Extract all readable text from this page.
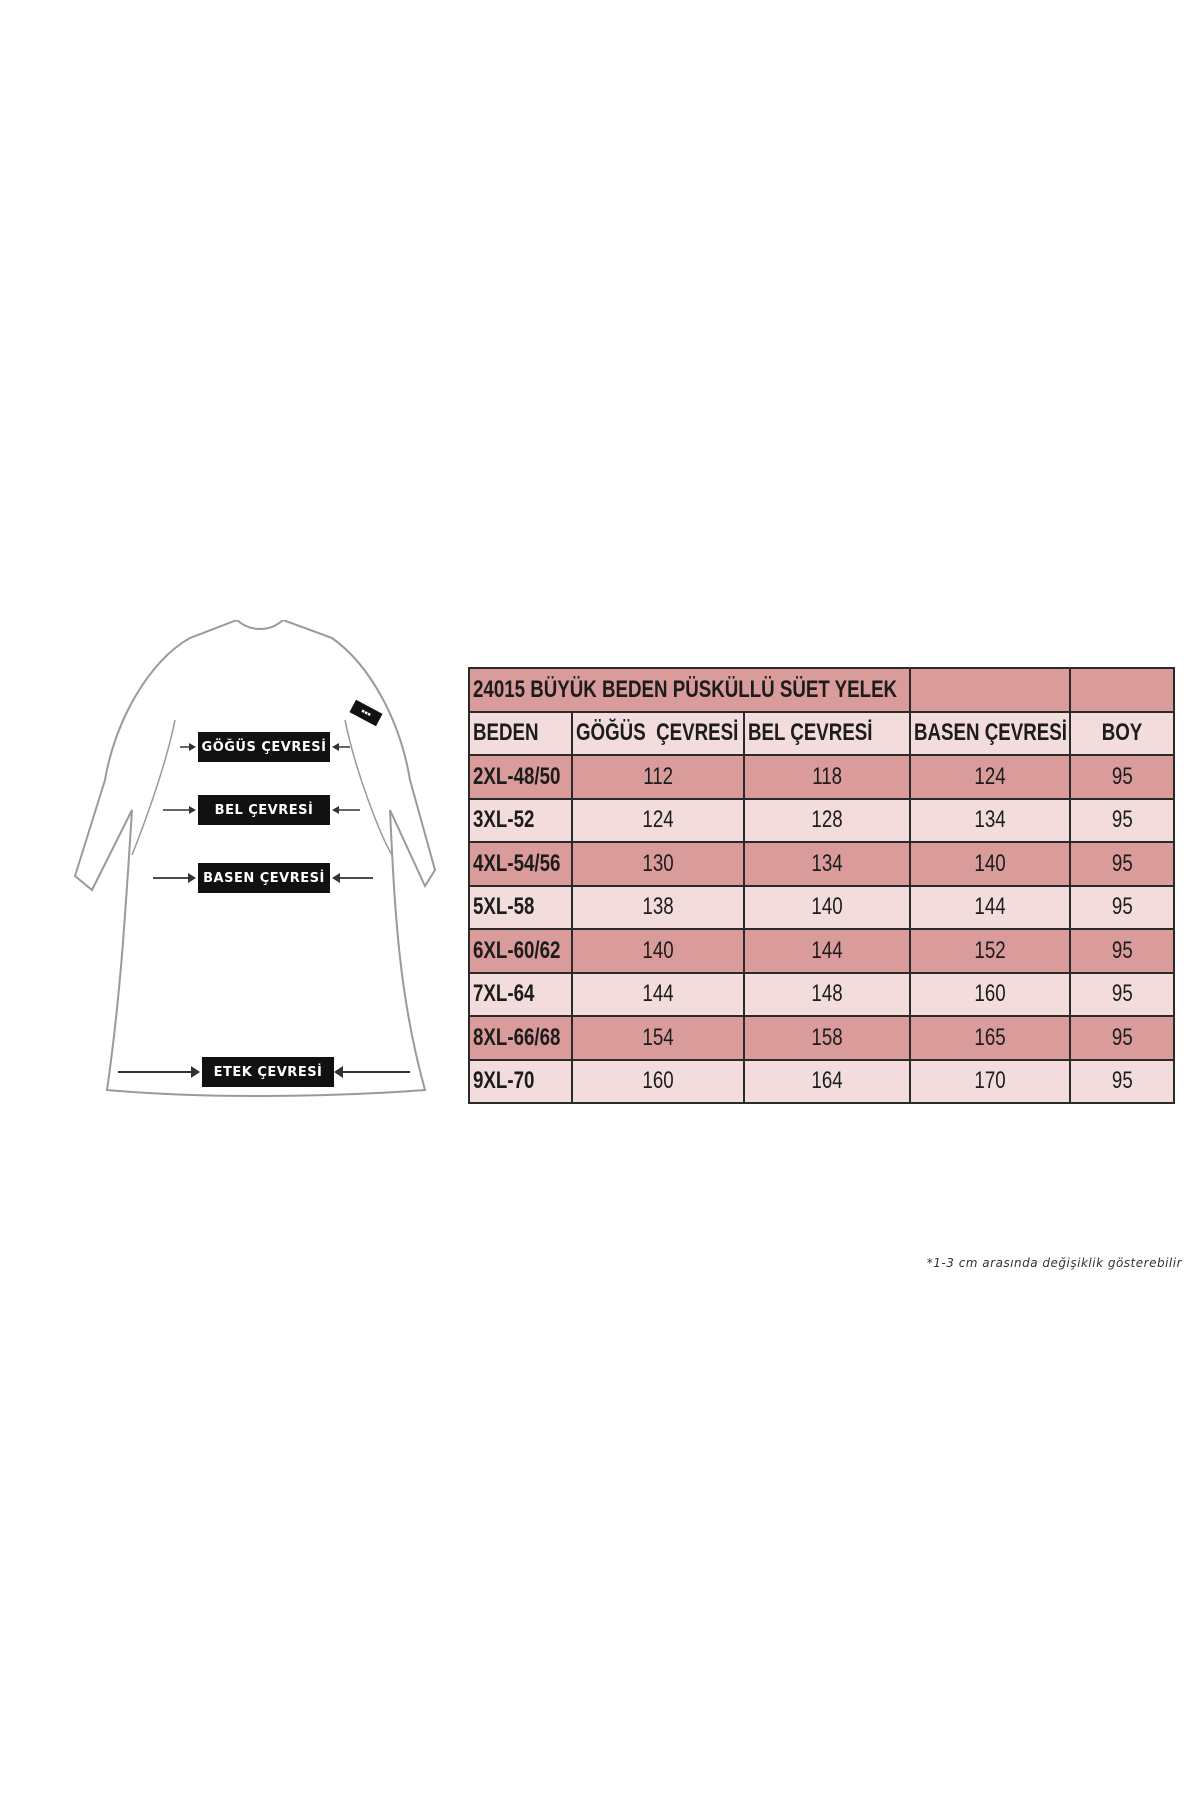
▪▪▪
GÖĞÜS ÇEVRESİ
BEL ÇEVRESİ
BASEN ÇEVRESİ
ETEK ÇEVRESİ
24015 BÜYÜK BEDEN PÜSKÜLLÜ SÜET YELEK				
BEDEN	GÖĞÜS  ÇEVRESİ	BEL ÇEVRESİ	BASEN ÇEVRESİ	BOY
2XL-48/50	112	118	124	95
3XL-52	124	128	134	95
4XL-54/56	130	134	140	95
5XL-58	138	140	144	95
6XL-60/62	140	144	152	95
7XL-64	144	148	160	95
8XL-66/68	154	158	165	95
9XL-70	160	164	170	95
*1-3 cm arasında değişiklik gösterebilir
